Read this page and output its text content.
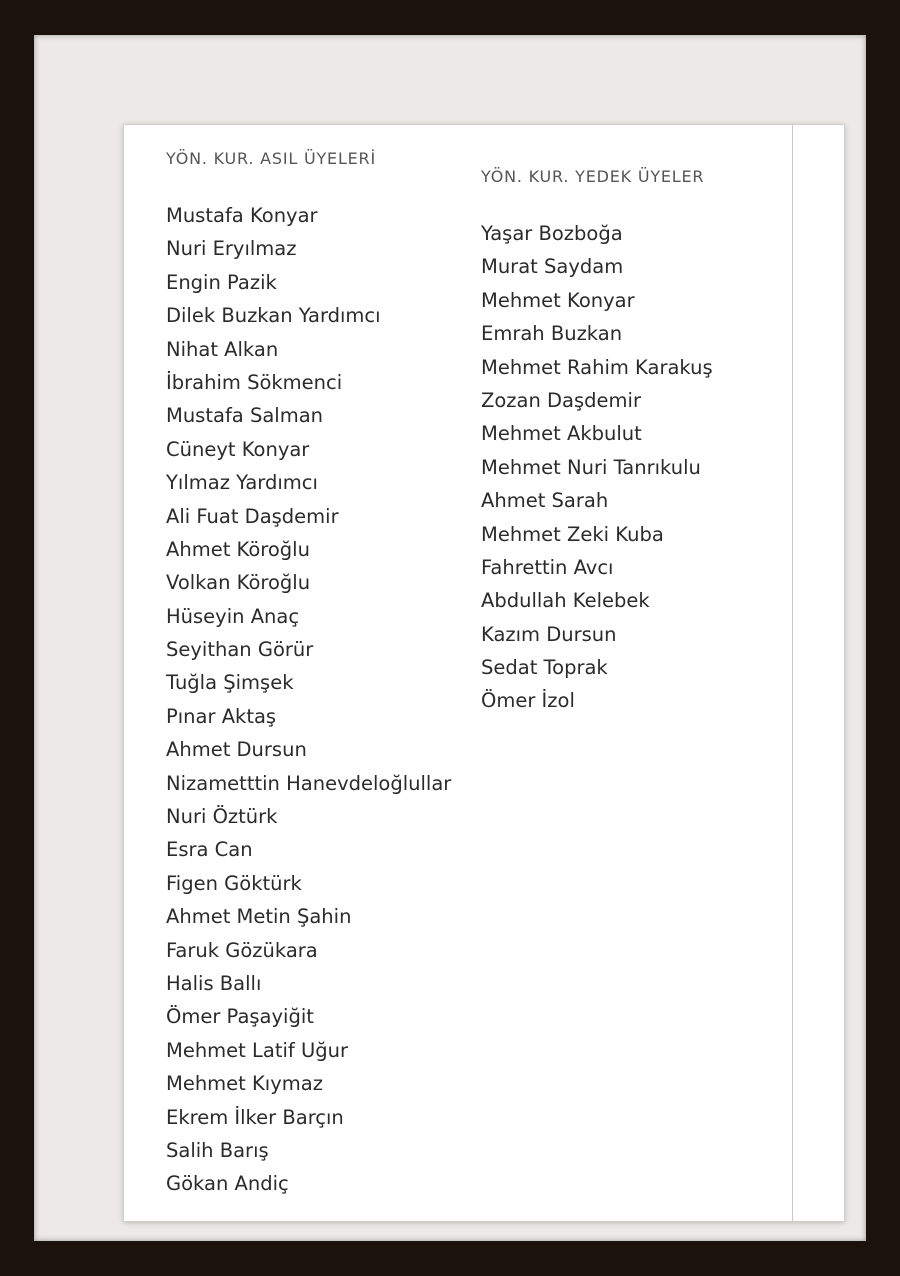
YÖN. KUR. ASIL ÜYELERİ
Mustafa Konyar
Nuri Eryılmaz
Engin Pazik
Dilek Buzkan Yardımcı
Nihat Alkan
İbrahim Sökmenci
Mustafa Salman
Cüneyt Konyar
Yılmaz Yardımcı
Ali Fuat Daşdemir
Ahmet Köroğlu
Volkan Köroğlu
Hüseyin Anaç
Seyithan Görür
Tuğla Şimşek
Pınar Aktaş
Ahmet Dursun
Nizametttin Hanevdeloğlullar
Nuri Öztürk
Esra Can
Figen Göktürk
Ahmet Metin Şahin
Faruk Gözükara
Halis Ballı
Ömer Paşayiğit
Mehmet Latif Uğur
Mehmet Kıymaz
Ekrem İlker Barçın
Salih Barış
Gökan Andiç
YÖN. KUR. YEDEK ÜYELER
Yaşar Bozboğa
Murat Saydam
Mehmet Konyar
Emrah Buzkan
Mehmet Rahim Karakuş
Zozan Daşdemir
Mehmet Akbulut
Mehmet Nuri Tanrıkulu
Ahmet Sarah
Mehmet Zeki Kuba
Fahrettin Avcı
Abdullah Kelebek
Kazım Dursun
Sedat Toprak
Ömer İzol
